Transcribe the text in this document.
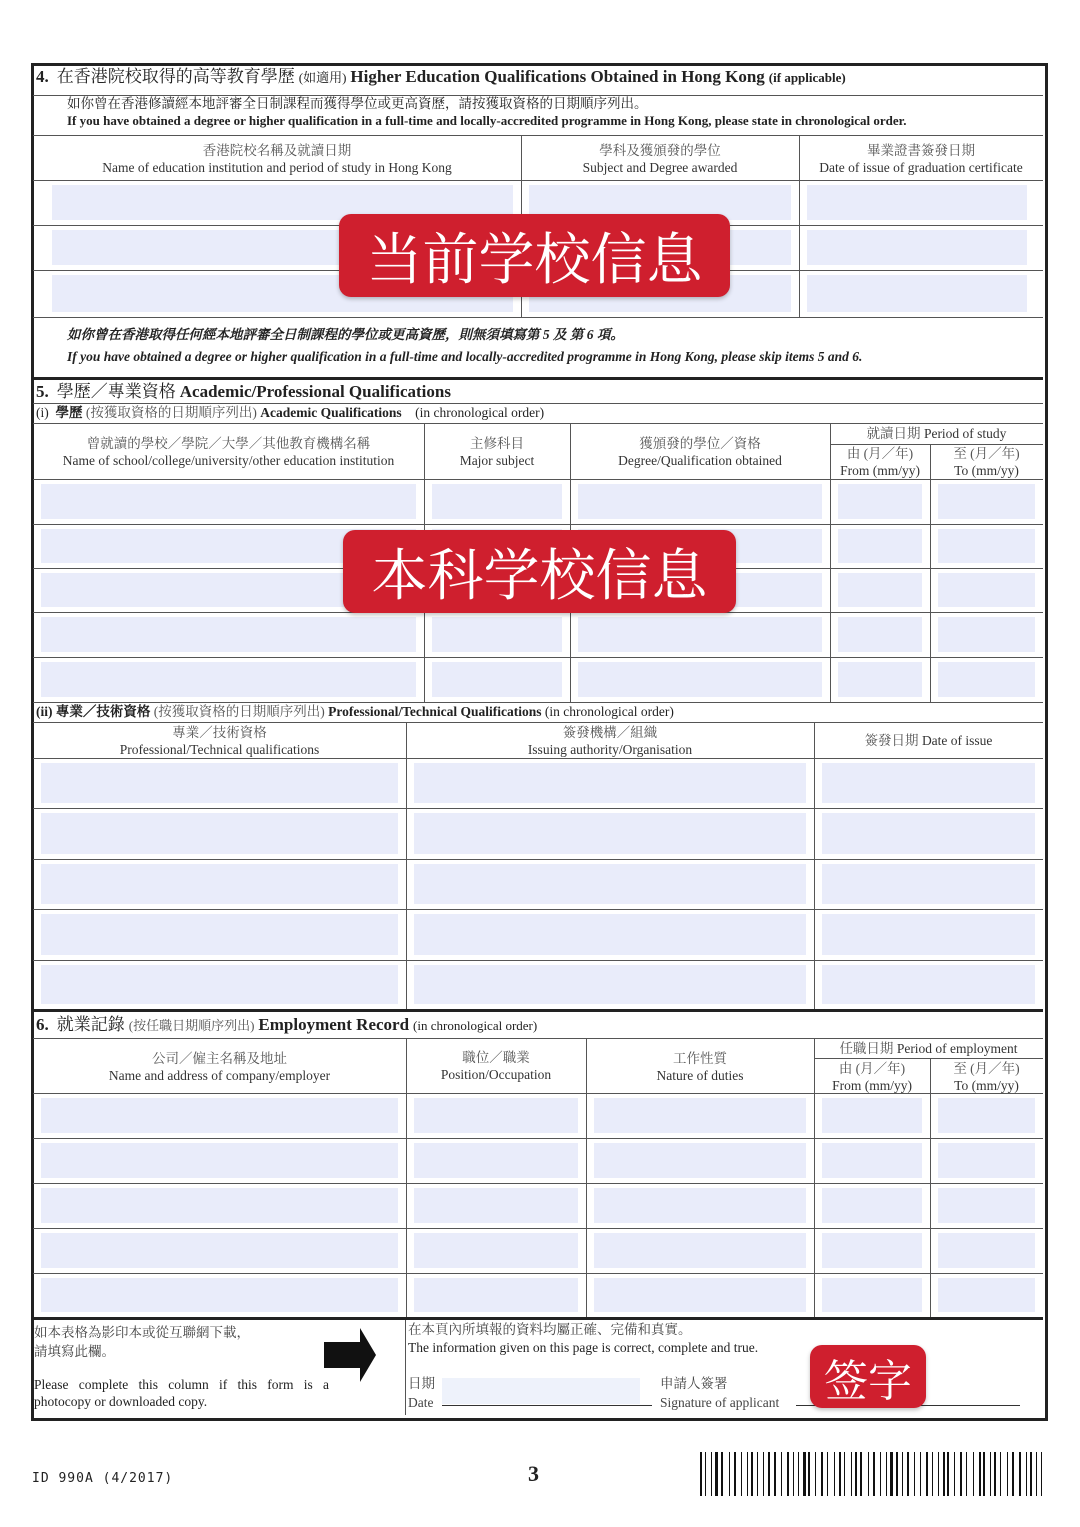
4. 在香港院校取得的高等教育學歷 (如適用) Higher Education Qualifications Obtained in Hong Kong (if applicable)
如你曾在香港修讀經本地評審全日制課程而獲得學位或更高資歷，請按獲取資格的日期順序列出。
If you have obtained a degree or higher qualification in a full-time and locally-accredited programme in Hong Kong, please state in chronological order.
香港院校名稱及就讀日期
Name of education institution and period of study in Hong Kong
學科及獲頒發的學位
Subject and Degree awarded
畢業證書簽發日期
Date of issue of graduation certificate
当前学校信息
如你曾在香港取得任何經本地評審全日制課程的學位或更高資歷，則無須填寫第 5 及 第 6 項。
If you have obtained a degree or higher qualification in a full-time and locally-accredited programme in Hong Kong, please skip items 5 and 6.
5. 學歷／專業資格 Academic/Professional Qualifications
(i) 學歷 (按獲取資格的日期順序列出) Academic Qualifications (in chronological order)
曾就讀的學校／學院／大學／其他教育機構名稱
Name of school/college/university/other education institution
主修科目
Major subject
獲頒發的學位／資格
Degree/Qualification obtained
就讀日期 Period of study
由 (月／年)
From (mm/yy)
至 (月／年)
To (mm/yy)
本科学校信息
(ii) 專業／技術資格 (按獲取資格的日期順序列出) Professional/Technical Qualifications (in chronological order)
專業／技術資格
Professional/Technical qualifications
簽發機構／組織
Issuing authority/Organisation
簽發日期 Date of issue
6. 就業記錄 (按任職日期順序列出) Employment Record (in chronological order)
公司／僱主名稱及地址
Name and address of company/employer
職位／職業
Position/Occupation
工作性質
Nature of duties
任職日期 Period of employment
由 (月／年)
From (mm/yy)
至 (月／年)
To (mm/yy)
如本表格為影印本或從互聯網下載，
請填寫此欄。
Please complete this column if this form is a photocopy or downloaded copy.
在本頁內所填報的資料均屬正確、完備和真實。
The information given on this page is correct, complete and true.
日期
Date
申請人簽署
Signature of applicant	签字
ID 990A (4/2017)	3
